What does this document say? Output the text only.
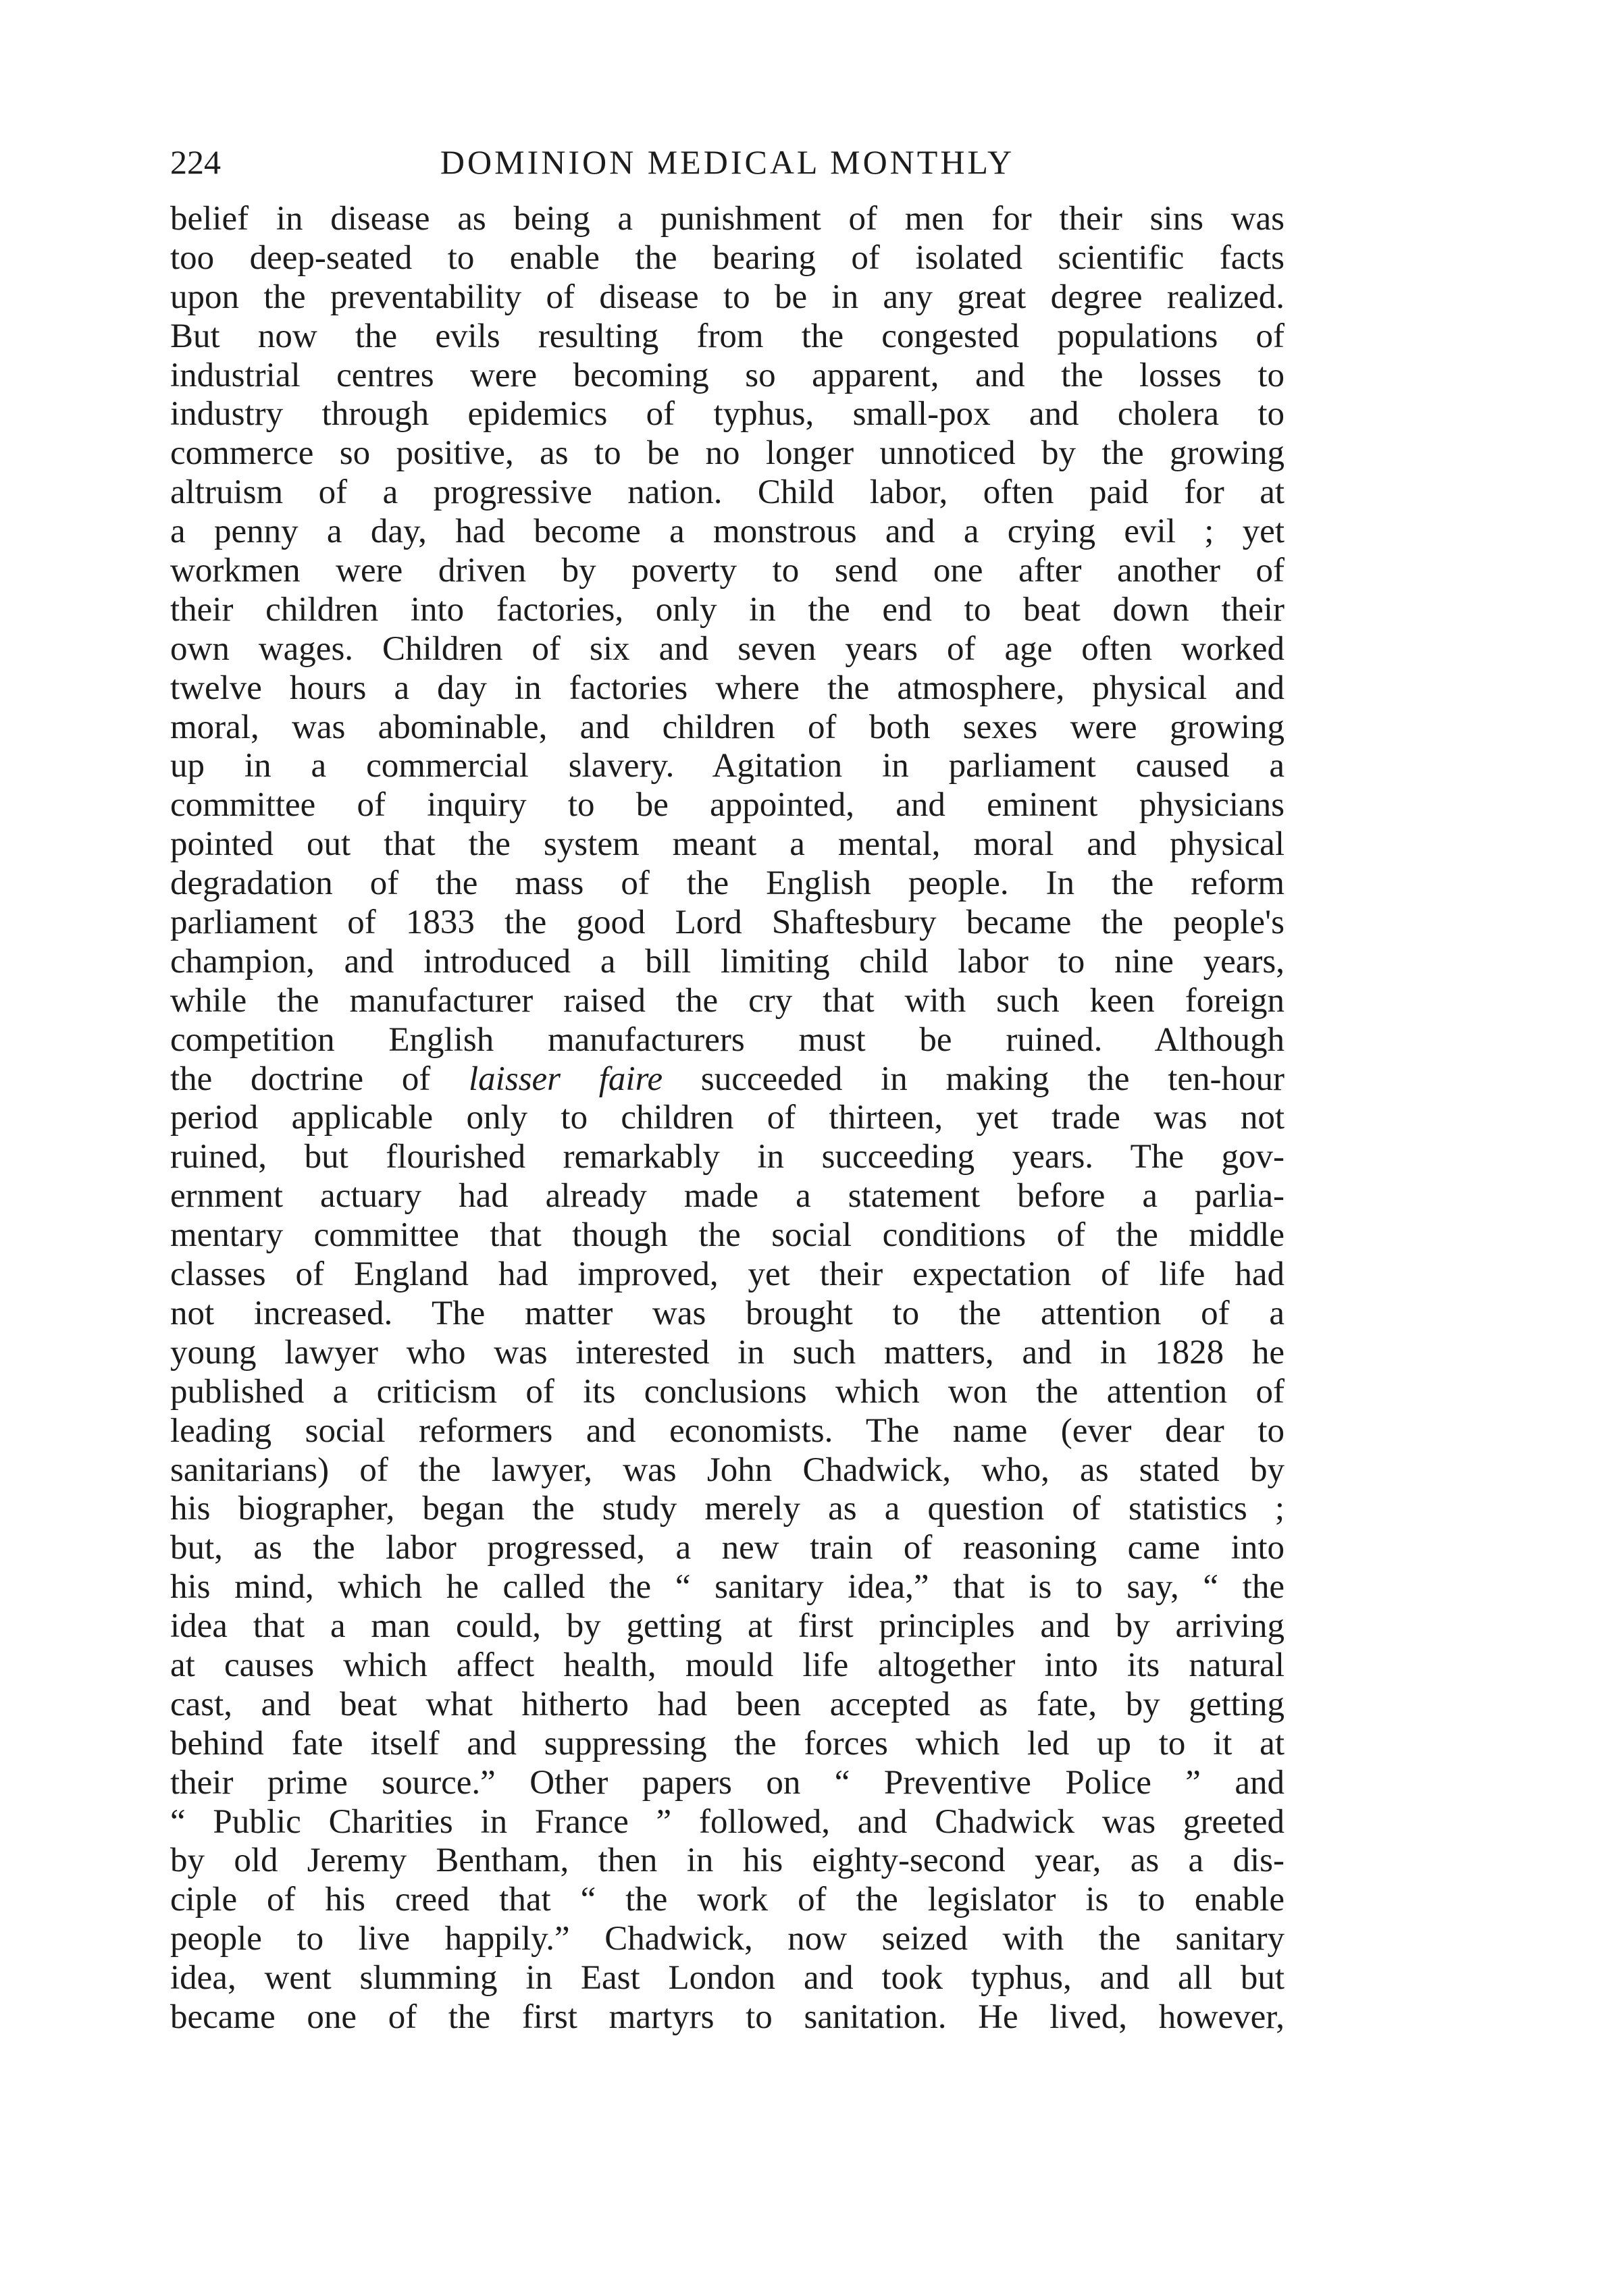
224	DOMINION MEDICAL MONTHLY
belief in disease as being a punishment of men for their sins was
too deep-seated to enable the bearing of isolated scientific facts
upon the preventability of disease to be in any great degree realized.
But now the evils resulting from the congested populations of
industrial centres were becoming so apparent, and the losses to
industry through epidemics of typhus, small-pox and cholera to
commerce so positive, as to be no longer unnoticed by the growing
altruism of a progressive nation. Child labor, often paid for at
a penny a day, had become a monstrous and a crying evil ; yet
workmen were driven by poverty to send one after another of
their children into factories, only in the end to beat down their
own wages. Children of six and seven years of age often worked
twelve hours a day in factories where the atmosphere, physical and
moral, was abominable, and children of both sexes were growing
up in a commercial slavery. Agitation in parliament caused a
committee of inquiry to be appointed, and eminent physicians
pointed out that the system meant a mental, moral and physical
degradation of the mass of the English people. In the reform
parliament of 1833 the good Lord Shaftesbury became the people's
champion, and introduced a bill limiting child labor to nine years,
while the manufacturer raised the cry that with such keen foreign
competition English manufacturers must be ruined. Although
the doctrine of laisser faire succeeded in making the ten-hour
period applicable only to children of thirteen, yet trade was not
ruined, but flourished remarkably in succeeding years. The gov-
ernment actuary had already made a statement before a parlia-
mentary committee that though the social conditions of the middle
classes of England had improved, yet their expectation of life had
not increased. The matter was brought to the attention of a
young lawyer who was interested in such matters, and in 1828 he
published a criticism of its conclusions which won the attention of
leading social reformers and economists. The name (ever dear to
sanitarians) of the lawyer, was John Chadwick, who, as stated by
his biographer, began the study merely as a question of statistics ;
but, as the labor progressed, a new train of reasoning came into
his mind, which he called the “ sanitary idea,” that is to say, “ the
idea that a man could, by getting at first principles and by arriving
at causes which affect health, mould life altogether into its natural
cast, and beat what hitherto had been accepted as fate, by getting
behind fate itself and suppressing the forces which led up to it at
their prime source.” Other papers on “ Preventive Police ” and
“ Public Charities in France ” followed, and Chadwick was greeted
by old Jeremy Bentham, then in his eighty-second year, as a dis-
ciple of his creed that “ the work of the legislator is to enable
people to live happily.” Chadwick, now seized with the sanitary
idea, went slumming in East London and took typhus, and all but
became one of the first martyrs to sanitation. He lived, however,
